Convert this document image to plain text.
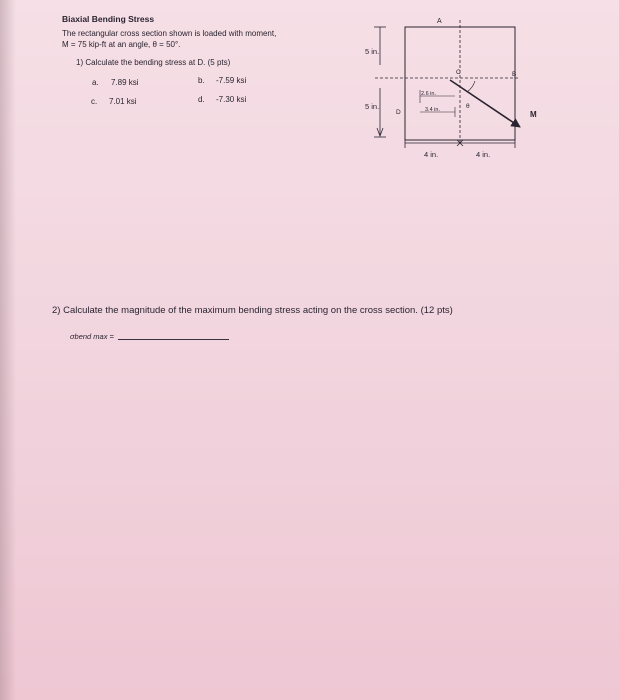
Biaxial Bending Stress
The rectangular cross section shown is loaded with moment,
M = 75 kip-ft at an angle, θ = 50°.
1) Calculate the bending stress at D. (5 pts)
a. 7.89 ksi	b. -7.59 ksi
c. 7.01 ksi	d. -7.30 ksi
5 in.
5 in.
4 in.	4 in.
2.6 in.
3.4 in.
A
B
C
D
θ
M
2) Calculate the magnitude of the maximum bending stress acting on the cross section. (12 pts)
σbend max =
